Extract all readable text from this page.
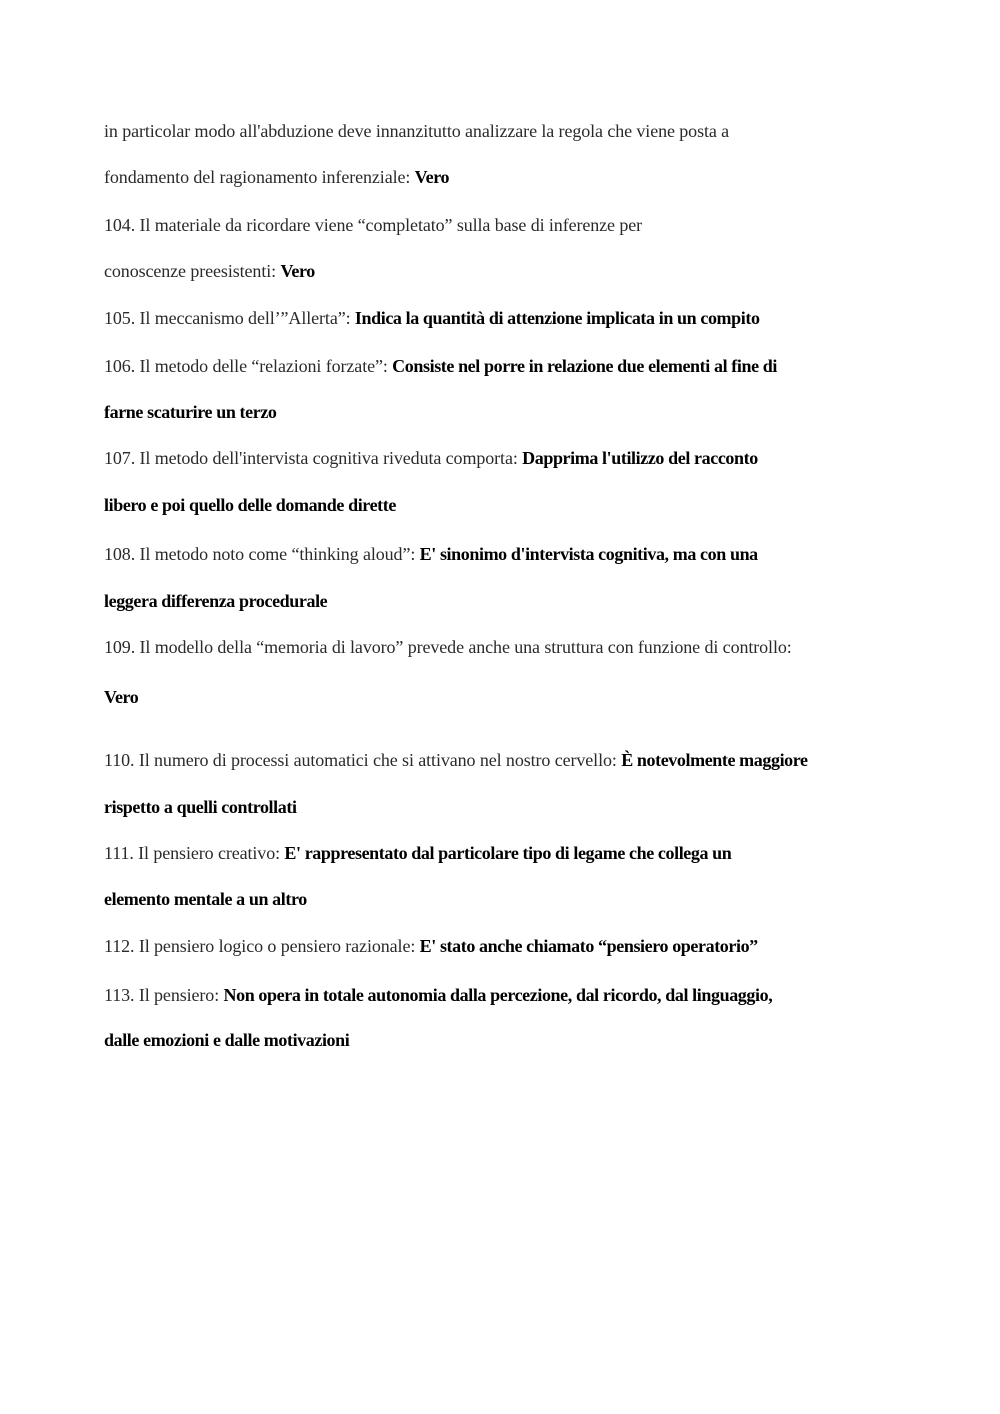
in particolar modo all'abduzione deve innanzitutto analizzare la regola che viene posta a
fondamento del ragionamento inferenziale: Vero
104. Il materiale da ricordare viene “completato” sulla base di inferenze per
conoscenze preesistenti: Vero
105. Il meccanismo dell’”Allerta”: Indica la quantità di attenzione implicata in un compito
106. Il metodo delle “relazioni forzate”: Consiste nel porre in relazione due elementi al fine di
farne scaturire un terzo
107. Il metodo dell'intervista cognitiva riveduta comporta: Dapprima l'utilizzo del racconto
libero e poi quello delle domande dirette
108. Il metodo noto come “thinking aloud”: E' sinonimo d'intervista cognitiva, ma con una
leggera differenza procedurale
109. Il modello della “memoria di lavoro” prevede anche una struttura con funzione di controllo:
Vero
110. Il numero di processi automatici che si attivano nel nostro cervello: È notevolmente maggiore
rispetto a quelli controllati
111. Il pensiero creativo: E' rappresentato dal particolare tipo di legame che collega un
elemento mentale a un altro
112. Il pensiero logico o pensiero razionale: E' stato anche chiamato “pensiero operatorio”
113. Il pensiero: Non opera in totale autonomia dalla percezione, dal ricordo, dal linguaggio,
dalle emozioni e dalle motivazioni
